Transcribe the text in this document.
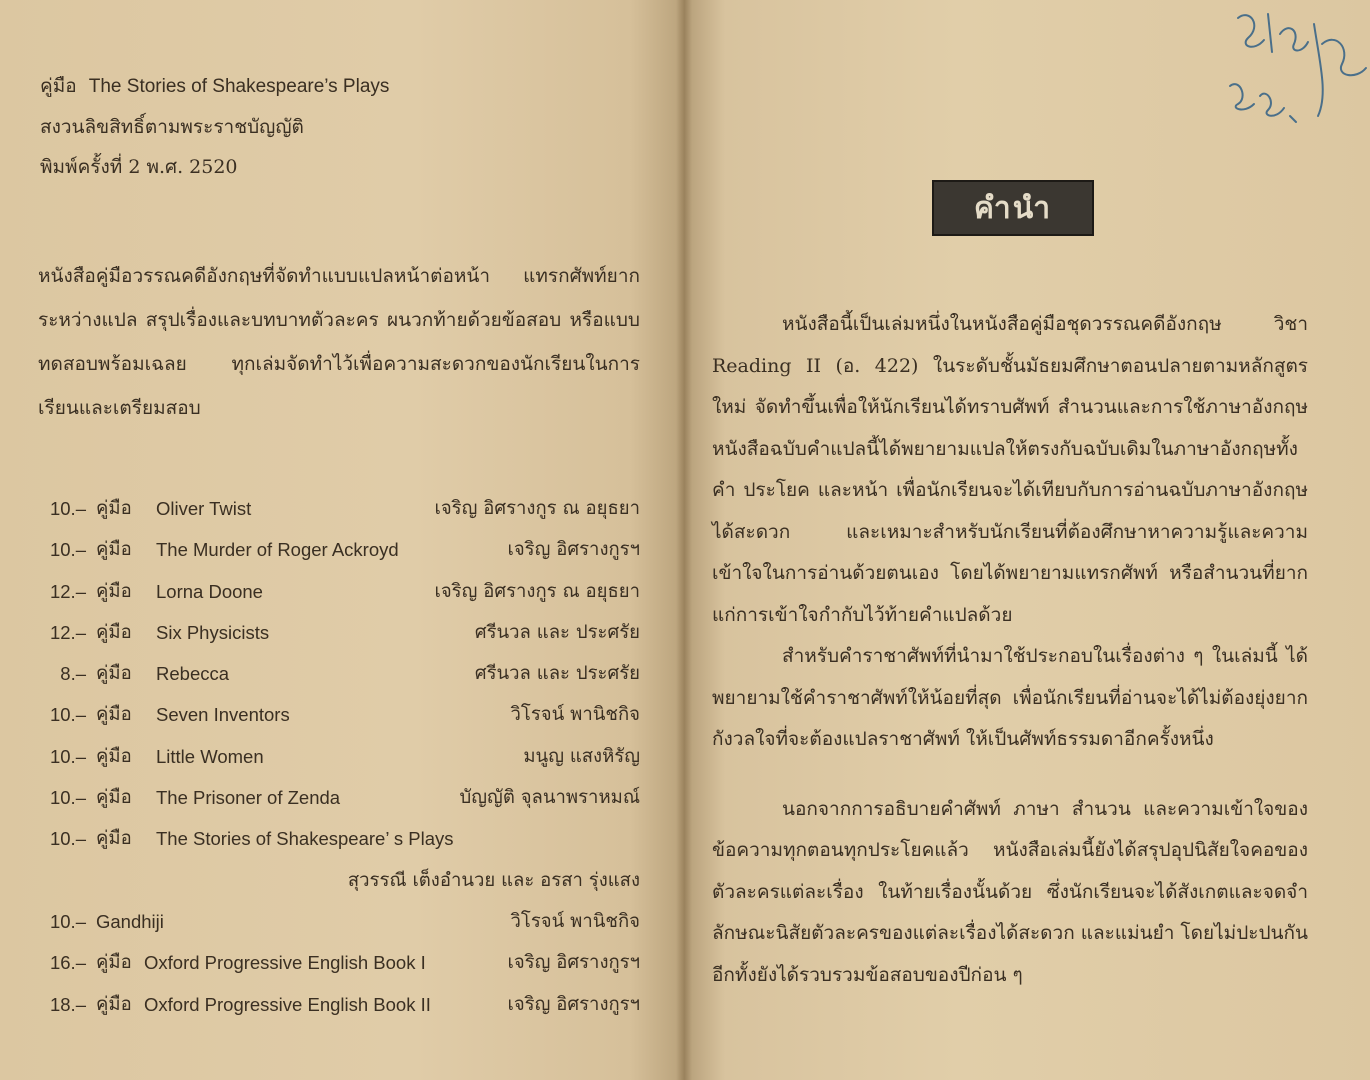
คู่มือ The Stories of Shakespeare’s Plays
สงวนลิขสิทธิ์ตามพระราชบัญญัติ
พิมพ์ครั้งที่ 2 พ.ศ. 2520
หนังสือคู่มือวรรณคดีอังกฤษที่จัดทำแบบแปลหน้าต่อหน้า แทรกศัพท์ยากระหว่างแปล สรุปเรื่องและบทบาทตัวละคร ผนวกท้ายด้วยข้อสอบ หรือแบบทดสอบพร้อมเฉลย ทุกเล่มจัดทำไว้เพื่อความสะดวกของนักเรียนในการเรียนและเตรียมสอบ
10.– คู่มือ Oliver Twist	เจริญ อิศรางกูร ณ อยุธยา
10.– คู่มือ The Murder of Roger Ackroyd	เจริญ อิศรางกูรฯ
12.– คู่มือ Lorna Doone	เจริญ อิศรางกูร ณ อยุธยา
12.– คู่มือ Six Physicists	ศรีนวล และ ประศรัย
8.– คู่มือ Rebecca	ศรีนวล และ ประศรัย
10.– คู่มือ Seven Inventors	วิโรจน์ พานิชกิจ
10.– คู่มือ Little Women	มนูญ แสงหิรัญ
10.– คู่มือ The Prisoner of Zenda	บัญญัติ จุลนาพราหมณ์
10.– คู่มือ The Stories of Shakespeare’ s Plays
สุวรรณี เต็งอำนวย และ อรสา รุ่งแสง
10.– Gandhiji	วิโรจน์ พานิชกิจ
16.– คู่มือ Oxford Progressive English Book I	เจริญ อิศรางกูรฯ
18.– คู่มือ Oxford Progressive English Book II	เจริญ อิศรางกูรฯ
คำนำ

หนังสือนี้เป็นเล่มหนึ่งในหนังสือคู่มือชุดวรรณคดีอังกฤษ วิชา Reading II (อ. 422) ในระดับชั้นมัธยมศึกษาตอนปลายตามหลักสูตรใหม่ จัดทำขึ้นเพื่อให้นักเรียนได้ทราบศัพท์ สำนวนและการใช้ภาษาอังกฤษ หนังสือฉบับคำแปลนี้ได้พยายามแปลให้ตรงกับฉบับเดิมในภาษาอังกฤษทั้งคำ ประโยค และหน้า เพื่อนักเรียนจะได้เทียบกับการอ่านฉบับภาษาอังกฤษได้สะดวก และเหมาะสำหรับนักเรียนที่ต้องศึกษาหาความรู้และความเข้าใจในการอ่านด้วยตนเอง โดยได้พยายามแทรกศัพท์ หรือสำนวนที่ยากแก่การเข้าใจกำกับไว้ท้ายคำแปลด้วย

สำหรับคำราชาศัพท์ที่นำมาใช้ประกอบในเรื่องต่าง ๆ ในเล่มนี้ ได้พยายามใช้คำราชาศัพท์ให้น้อยที่สุด เพื่อนักเรียนที่อ่านจะได้ไม่ต้องยุ่งยากกังวลใจที่จะต้องแปลราชาศัพท์ ให้เป็นศัพท์ธรรมดาอีกครั้งหนึ่ง

นอกจากการอธิบายคำศัพท์ ภาษา สำนวน และความเข้าใจของข้อความทุกตอนทุกประโยคแล้ว หนังสือเล่มนี้ยังได้สรุปอุปนิสัยใจคอของตัวละครแต่ละเรื่อง ในท้ายเรื่องนั้นด้วย ซึ่งนักเรียนจะได้สังเกตและจดจำลักษณะนิสัยตัวละครของแต่ละเรื่องได้สะดวก และแม่นยำ โดยไม่ปะปนกัน อีกทั้งยังได้รวบรวมข้อสอบของปีก่อน ๆ
